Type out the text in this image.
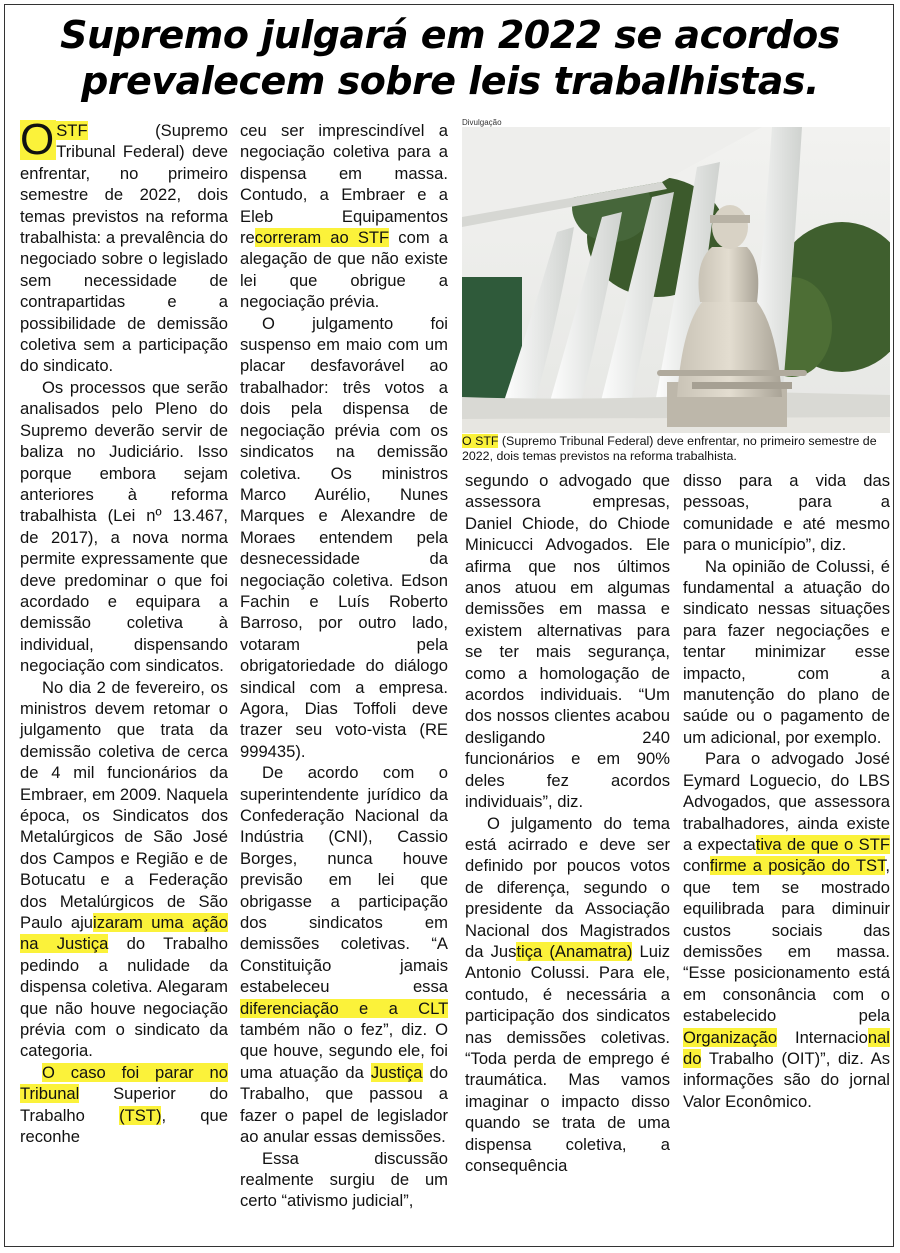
Supremo julgará em 2022 se acordos
prevalecem sobre leis trabalhistas.

O STF (Supremo Tribunal Federal) deve enfrentar, no primeiro semestre de 2022, dois temas previstos na reforma trabalhista: a prevalência do negociado sobre o legislado sem necessidade de contrapartidas e a possibilidade de demissão coletiva sem a participação do sindicato.

Os processos que serão analisados pelo Pleno do Supremo deverão servir de baliza no Judiciário. Isso porque embora sejam anteriores à reforma trabalhista (Lei nº 13.467, de 2017), a nova norma permite expressamente que deve predominar o que foi acordado e equipara a demissão coletiva à individual, dispensando negociação com sindicatos.

No dia 2 de fevereiro, os ministros devem retomar o julgamento que trata da demissão coletiva de cerca de 4 mil funcionários da Embraer, em 2009. Naquela época, os Sindicatos dos Metalúrgicos de São José dos Campos e Região e de Botucatu e a Federação dos Metalúrgicos de São Paulo ajuizaram uma ação na Justiça do Trabalho pedindo a nulidade da dispensa coletiva. Alegaram que não houve negociação prévia com o sindicato da categoria.

O caso foi parar no Tribunal Superior do Trabalho (TST), que reconhe

ceu ser imprescindível a negociação coletiva para a dispensa em massa. Contudo, a Embraer e a Eleb Equipamentos recorreram ao STF com a alegação de que não existe lei que obrigue a negociação prévia.

O julgamento foi suspenso em maio com um placar desfavorável ao trabalhador: três votos a dois pela dispensa de negociação prévia com os sindicatos na demissão coletiva. Os ministros Marco Aurélio, Nunes Marques e Alexandre de Moraes entendem pela desnecessidade da negociação coletiva. Edson Fachin e Luís Roberto Barroso, por outro lado, votaram pela obrigatoriedade do diálogo sindical com a empresa. Agora, Dias Toffoli deve trazer seu voto-vista (RE 999435).

De acordo com o superintendente jurídico da Confederação Nacional da Indústria (CNI), Cassio Borges, nunca houve previsão em lei que obrigasse a participação dos sindicatos em demissões coletivas. “A Constituição jamais estabeleceu essa diferenciação e a CLT também não o fez”, diz. O que houve, segundo ele, foi uma atuação da Justiça do Trabalho, que passou a fazer o papel de legislador ao anular essas demissões.

Essa discussão realmente surgiu de um certo “ativismo judicial”,

Divulgação
O STF (Supremo Tribunal Federal) deve enfrentar, no primeiro semestre de 2022, dois temas previstos na reforma trabalhista.

segundo o advogado que assessora empresas, Daniel Chiode, do Chiode Minicucci Advogados. Ele afirma que nos últimos anos atuou em algumas demissões em massa e existem alternativas para se ter mais segurança, como a homologação de acordos individuais. “Um dos nossos clientes acabou desligando 240 funcionários e em 90% deles fez acordos individuais”, diz.

O julgamento do tema está acirrado e deve ser definido por poucos votos de diferença, segundo o presidente da Associação Nacional dos Magistrados da Justiça (Anamatra) Luiz Antonio Colussi. Para ele, contudo, é necessária a participação dos sindicatos nas demissões coletivas. “Toda perda de emprego é traumática. Mas vamos imaginar o impacto disso quando se trata de uma dispensa coletiva, a consequência

disso para a vida das pessoas, para a comunidade e até mesmo para o município”, diz.

Na opinião de Colussi, é fundamental a atuação do sindicato nessas situações para fazer negociações e tentar minimizar esse impacto, com a manutenção do plano de saúde ou o pagamento de um adicional, por exemplo.

Para o advogado José Eymard Loguecio, do LBS Advogados, que assessora trabalhadores, ainda existe a expectativa de que o STF confirme a posição do TST, que tem se mostrado equilibrada para diminuir custos sociais das demissões em massa. “Esse posicionamento está em consonância com o estabelecido pela Organização Internacional do Trabalho (OIT)”, diz. As informações são do jornal Valor Econômico.
